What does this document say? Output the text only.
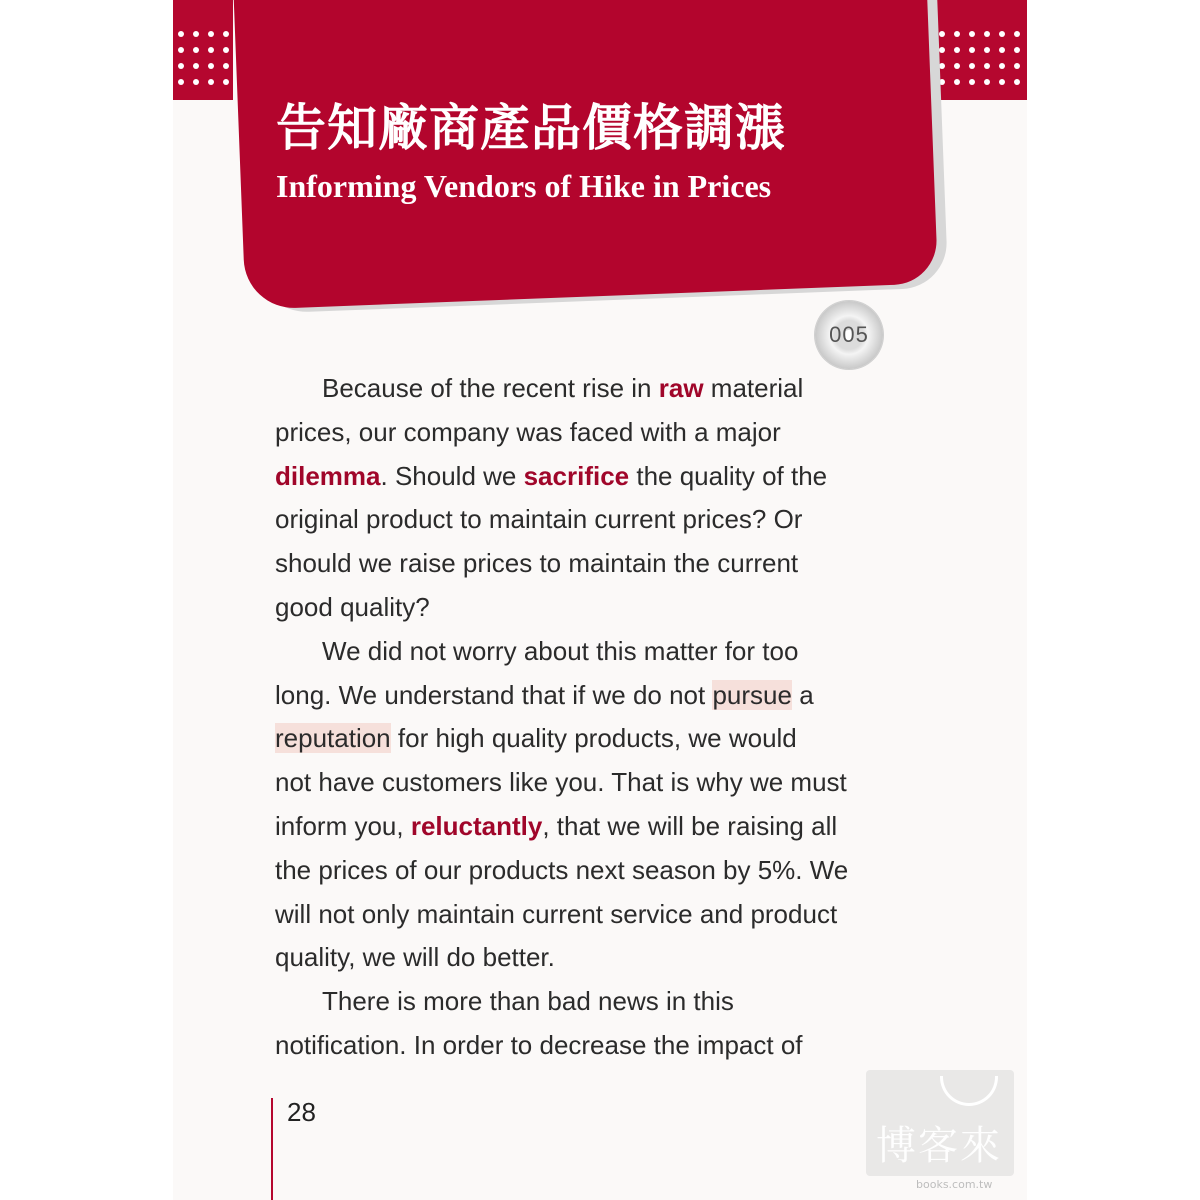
告知廠商產品價格調漲
Informing Vendors of Hike in Prices
005
Because of the recent rise in raw material
prices, our company was faced with a major
dilemma. Should we sacrifice the quality of the
original product to maintain current prices? Or
should we raise prices to maintain the current
good quality?
We did not worry about this matter for too
long. We understand that if we do not pursue a
reputation for high quality products, we would
not have customers like you. That is why we must
inform you, reluctantly, that we will be raising all
the prices of our products next season by 5%. We
will not only maintain current service and product
quality, we will do better.
There is more than bad news in this
notification. In order to decrease the impact of
28
博客來
books.com.tw
